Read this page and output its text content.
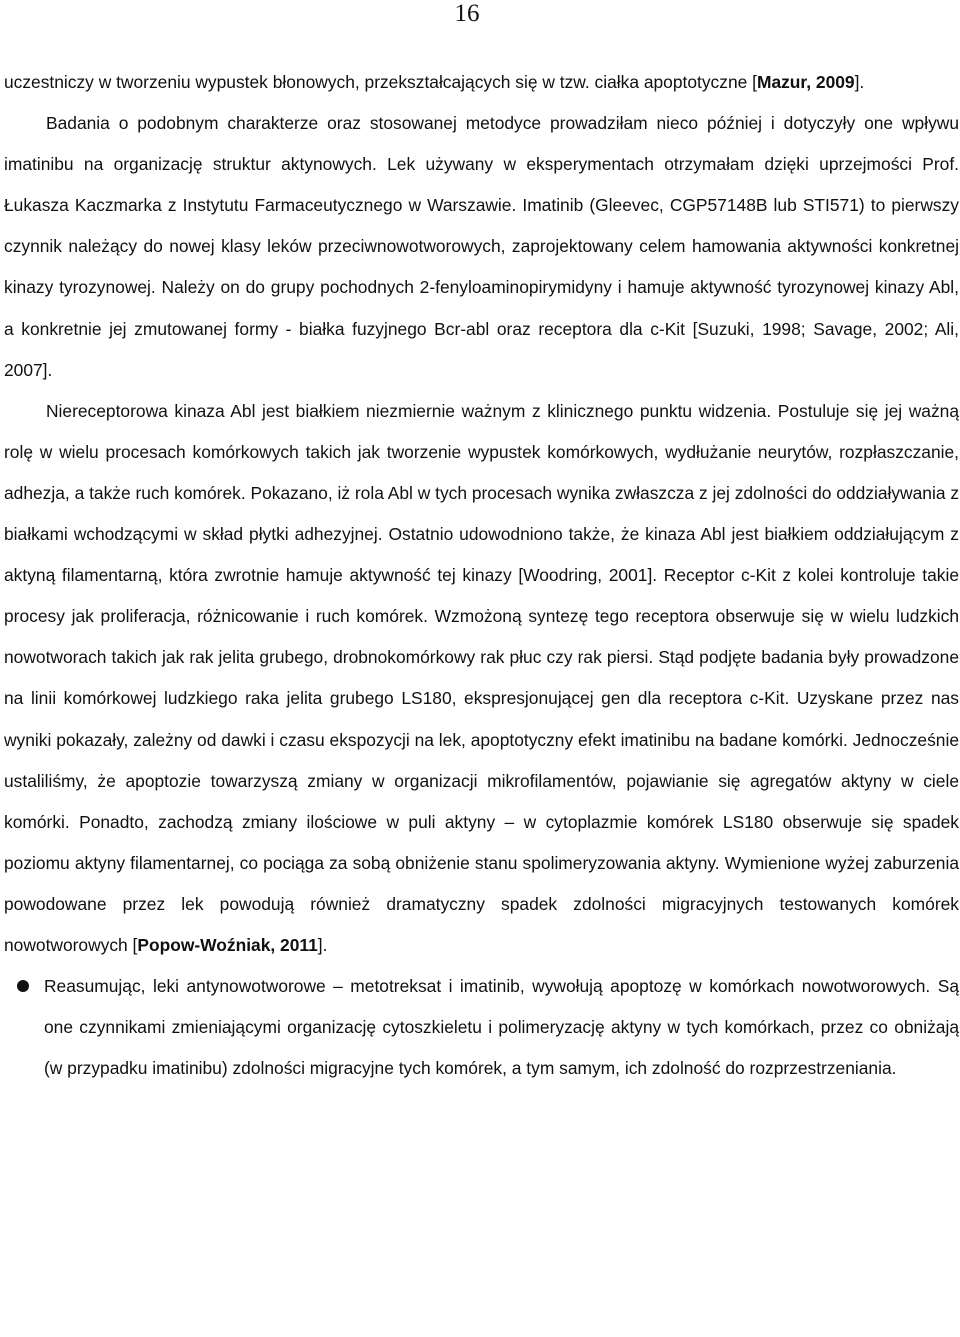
16

uczestniczy w tworzeniu wypustek błonowych, przekształcających się w tzw. ciałka apoptotyczne [Mazur, 2009].

Badania o podobnym charakterze oraz stosowanej metodyce prowadziłam nieco później i dotyczyły one wpływu imatinibu na organizację struktur aktynowych. Lek używany w eksperymentach otrzymałam dzięki uprzejmości Prof. Łukasza Kaczmarka z Instytutu Farmaceutycznego w Warszawie. Imatinib (Gleevec, CGP57148B lub STI571) to pierwszy czynnik należący do nowej klasy leków przeciwnowotworowych, zaprojektowany celem hamowania aktywności konkretnej kinazy tyrozynowej. Należy on do grupy pochodnych 2-fenyloaminopirymidyny i hamuje aktywność tyrozynowej kinazy Abl, a konkretnie jej zmutowanej formy - białka fuzyjnego Bcr-abl oraz receptora dla c-Kit [Suzuki, 1998; Savage, 2002; Ali, 2007].

Niereceptorowa kinaza Abl jest białkiem niezmiernie ważnym z klinicznego punktu widzenia. Postuluje się jej ważną rolę w wielu procesach komórkowych takich jak tworzenie wypustek komórkowych, wydłużanie neurytów, rozpłaszczanie, adhezja, a także ruch komórek. Pokazano, iż rola Abl w tych procesach wynika zwłaszcza z jej zdolności do oddziaływania z białkami wchodzącymi w skład płytki adhezyjnej. Ostatnio udowodniono także, że kinaza Abl jest białkiem oddziałującym z aktyną filamentarną, która zwrotnie hamuje aktywność tej kinazy [Woodring, 2001]. Receptor c-Kit z kolei kontroluje takie procesy jak proliferacja, różnicowanie i ruch komórek. Wzmożoną syntezę tego receptora obserwuje się w wielu ludzkich nowotworach takich jak rak jelita grubego, drobnokomórkowy rak płuc czy rak piersi. Stąd podjęte badania były prowadzone na linii komórkowej ludzkiego raka jelita grubego LS180, ekspresjonującej gen dla receptora c-Kit. Uzyskane przez nas wyniki pokazały, zależny od dawki i czasu ekspozycji na lek, apoptotyczny efekt imatinibu na badane komórki. Jednocześnie ustaliliśmy, że apoptozie towarzyszą zmiany w organizacji mikrofilamentów, pojawianie się agregatów aktyny w ciele komórki. Ponadto, zachodzą zmiany ilościowe w puli aktyny – w cytoplazmie komórek LS180 obserwuje się spadek poziomu aktyny filamentarnej, co pociąga za sobą obniżenie stanu spolimeryzowania aktyny. Wymienione wyżej zaburzenia powodowane przez lek powodują również dramatyczny spadek zdolności migracyjnych testowanych komórek nowotworowych [Popow-Woźniak, 2011].

Reasumując, leki antynowotworowe – metotreksat i imatinib, wywołują apoptozę w komórkach nowotworowych. Są one czynnikami zmieniającymi organizację cytoszkieletu i polimeryzację aktyny w tych komórkach, przez co obniżają (w przypadku imatinibu) zdolności migracyjne tych komórek, a tym samym, ich zdolność do rozprzestrzeniania.
